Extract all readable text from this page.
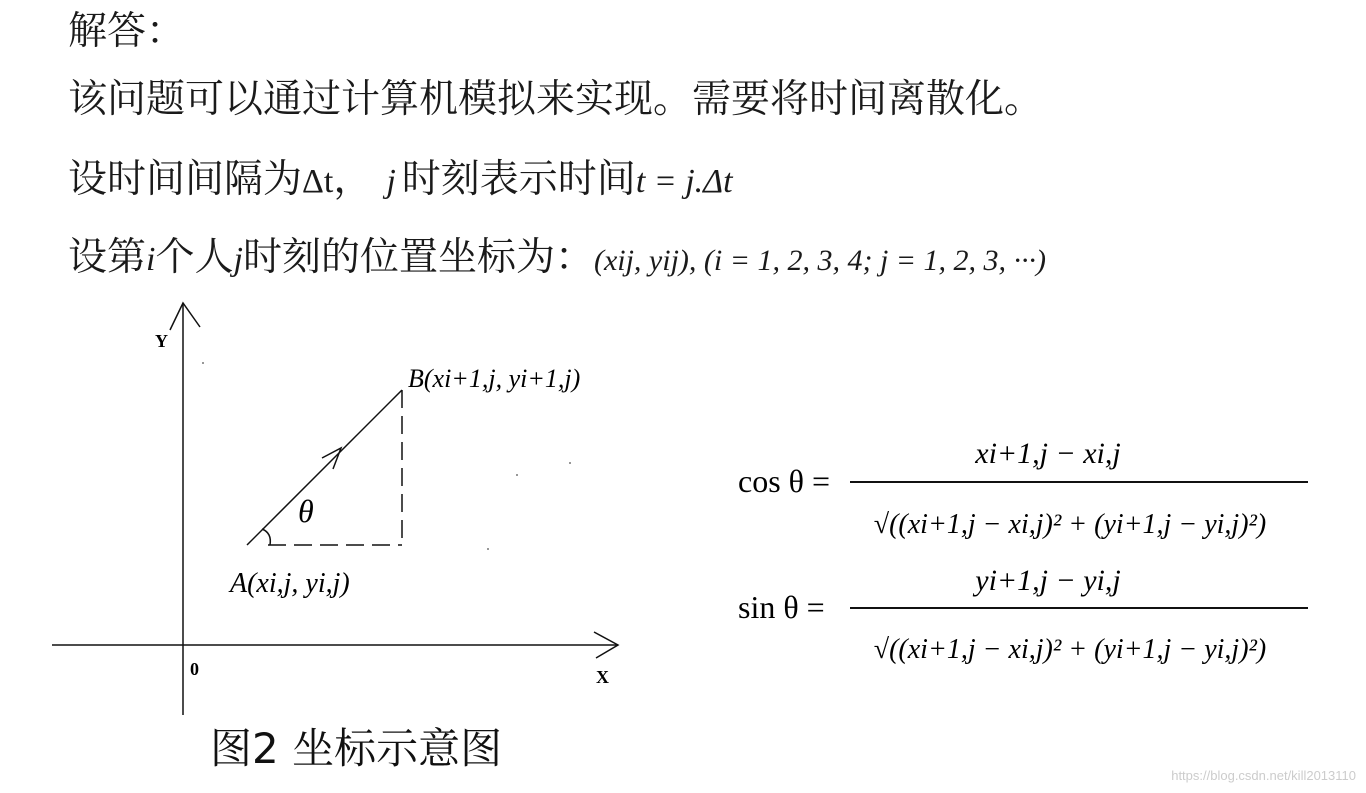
解答：
该问题可以通过计算机模拟来实现。需要将时间离散化。
设时间间隔为Δt， j 时刻表示时间t = j.Δt
设第i个人j时刻的位置坐标为：(xij, yij), (i = 1, 2, 3, 4; j = 1, 2, 3, ···)
Y
X
0
θ
A(xi,j, yi,j)
B(xi+1,j, yi+1,j)
cos θ =
xi+1,j − xi,j
√((xi+1,j − xi,j)² + (yi+1,j − yi,j)²)
sin θ =
yi+1,j − yi,j
√((xi+1,j − xi,j)² + (yi+1,j − yi,j)²)
图2 坐标示意图
https://blog.csdn.net/kill2013110
